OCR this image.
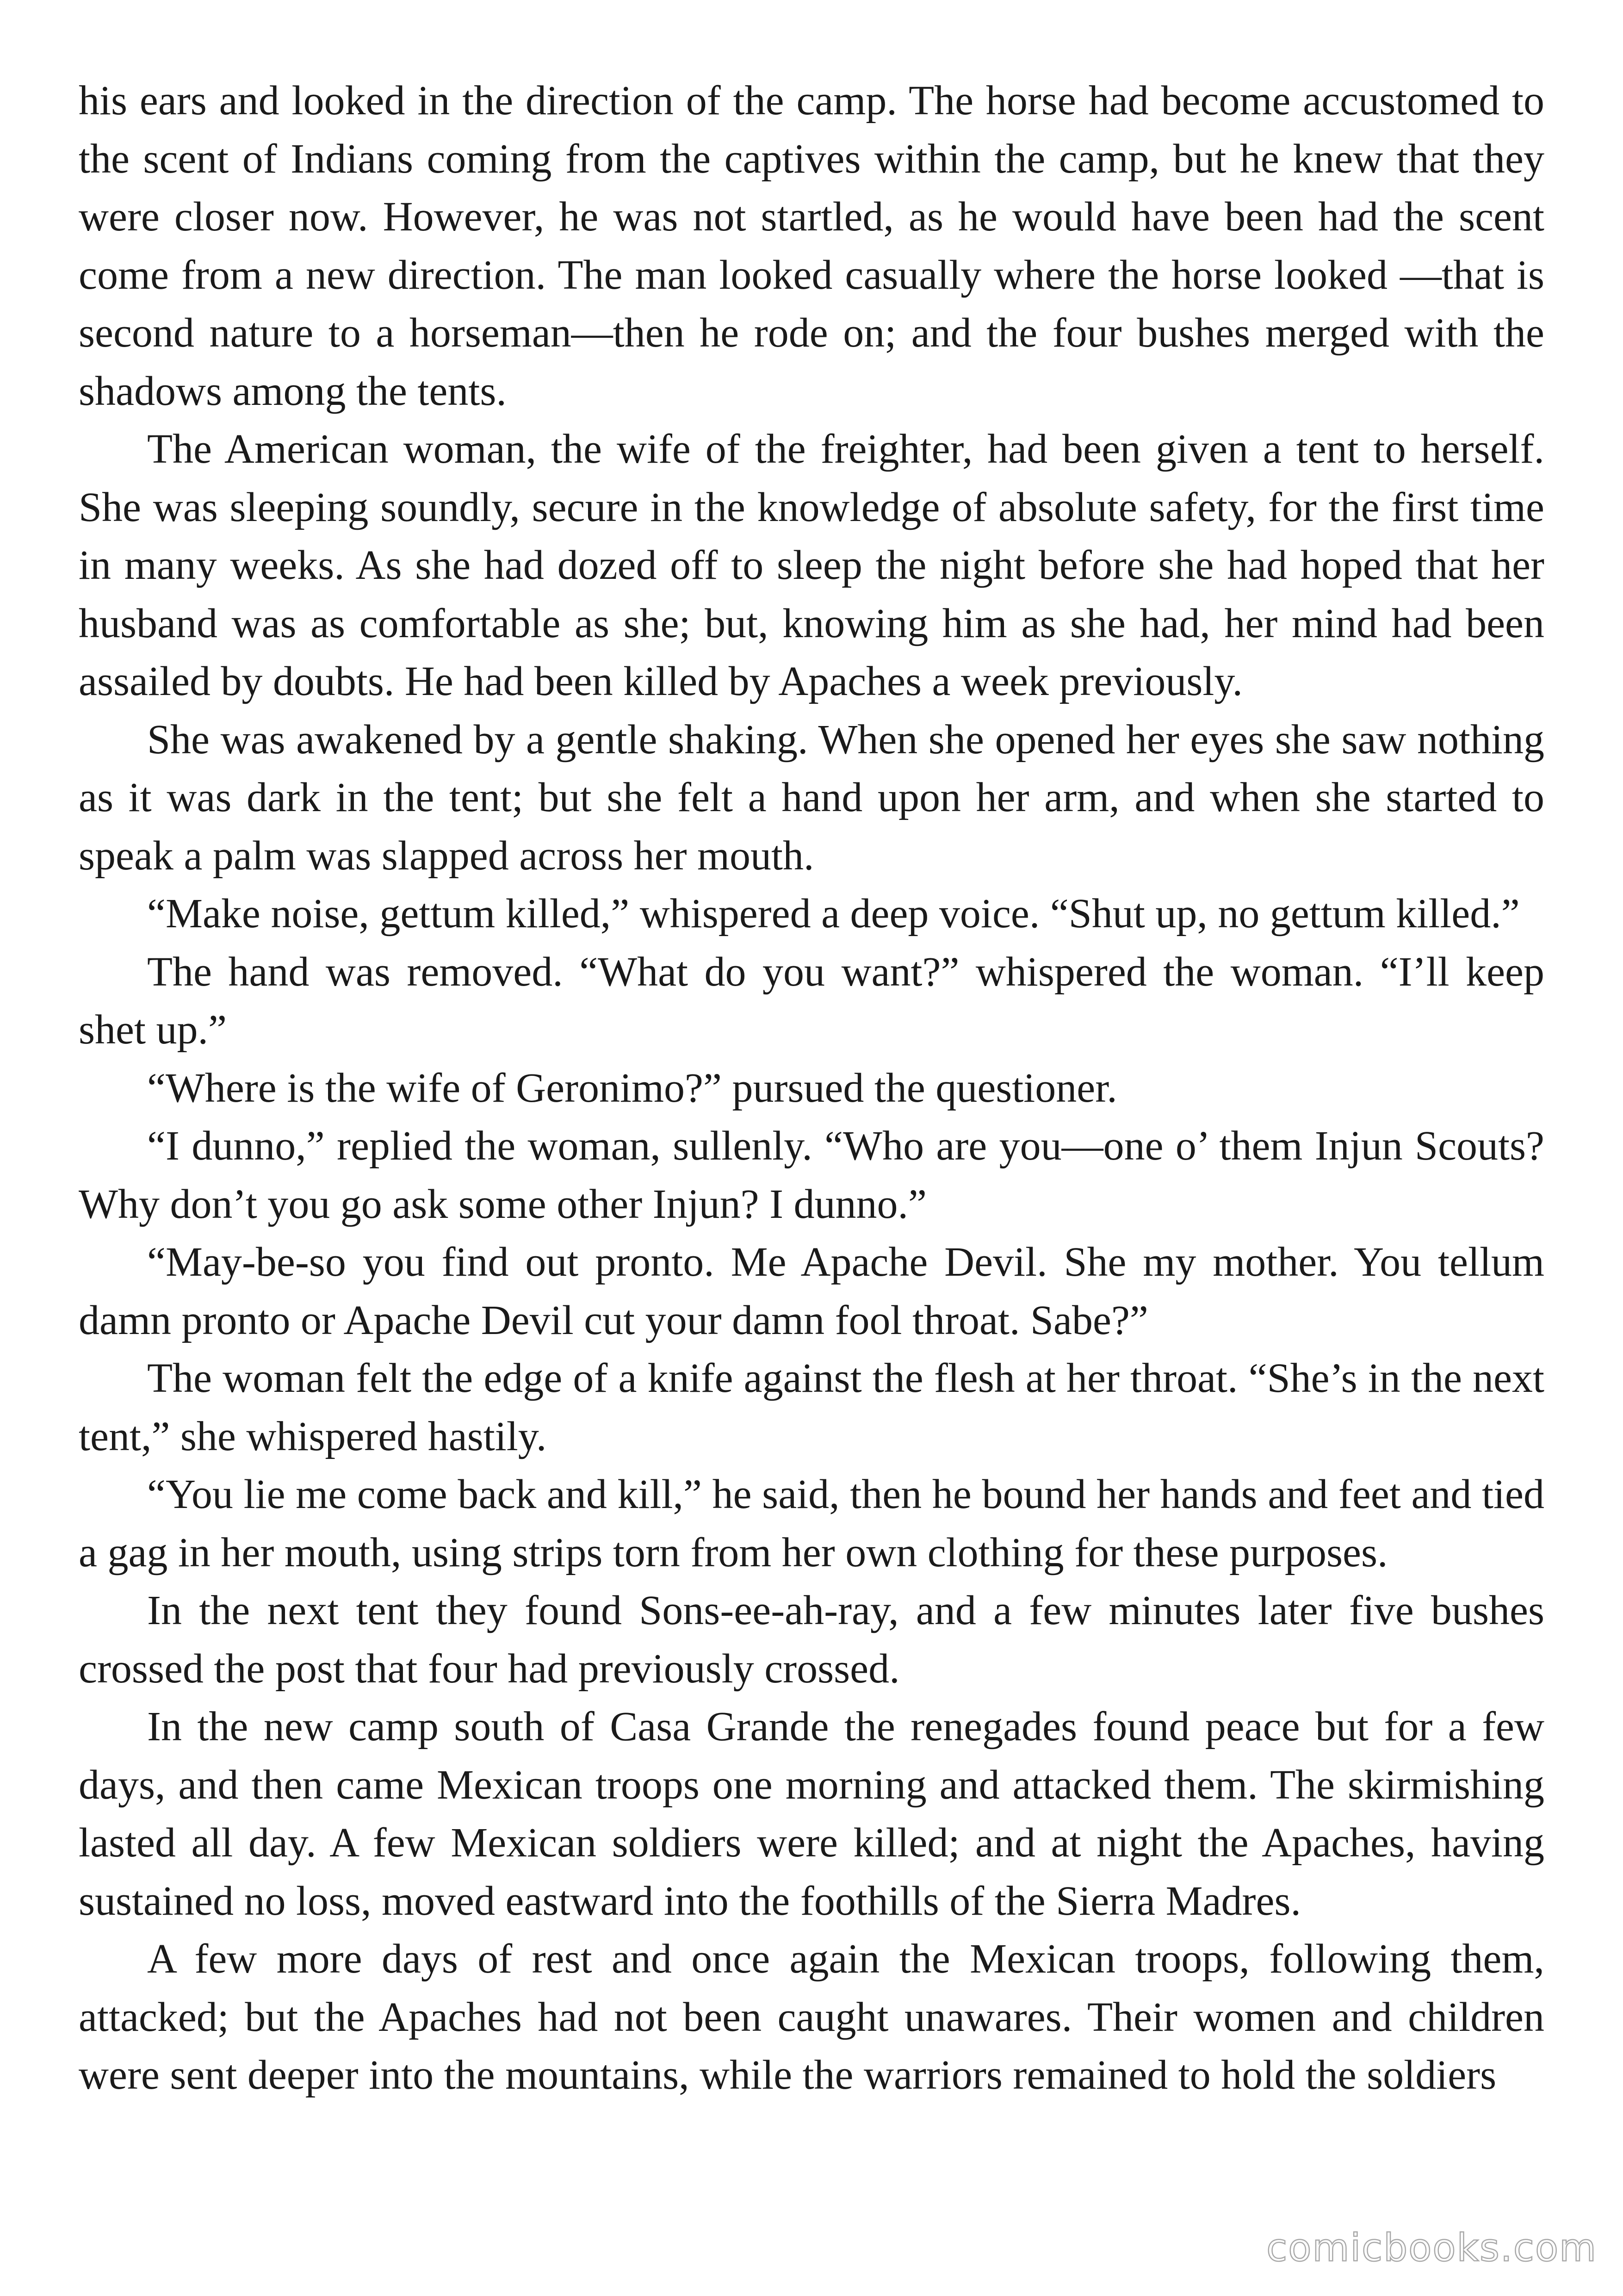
his ears and looked in the direction of the camp. The horse had become accustomed to the scent of Indians coming from the captives within the camp, but he knew that they were closer now. However, he was not startled, as he would have been had the scent come from a new direction. The man looked casually where the horse looked —that is second nature to a horseman—then he rode on; and the four bushes merged with the shadows among the tents.

The American woman, the wife of the freighter, had been given a tent to herself. She was sleeping soundly, secure in the knowledge of absolute safety, for the first time in many weeks. As she had dozed off to sleep the night before she had hoped that her husband was as comfortable as she; but, knowing him as she had, her mind had been assailed by doubts. He had been killed by Apaches a week previously.

She was awakened by a gentle shaking. When she opened her eyes she saw nothing as it was dark in the tent; but she felt a hand upon her arm, and when she started to speak a palm was slapped across her mouth.

“Make noise, gettum killed,” whispered a deep voice. “Shut up, no gettum killed.”

The hand was removed. “What do you want?” whispered the woman. “I’ll keep shet up.”

“Where is the wife of Geronimo?” pursued the questioner.

“I dunno,” replied the woman, sullenly. “Who are you—one o’ them Injun Scouts? Why don’t you go ask some other Injun? I dunno.”

“May-be-so you find out pronto. Me Apache Devil. She my mother. You tellum damn pronto or Apache Devil cut your damn fool throat. Sabe?”

The woman felt the edge of a knife against the flesh at her throat. “She’s in the next tent,” she whispered hastily.

“You lie me come back and kill,” he said, then he bound her hands and feet and tied a gag in her mouth, using strips torn from her own clothing for these purposes.

In the next tent they found Sons-ee-ah-ray, and a few minutes later five bushes crossed the post that four had previously crossed.

In the new camp south of Casa Grande the renegades found peace but for a few days, and then came Mexican troops one morning and attacked them. The skirmishing lasted all day. A few Mexican soldiers were killed; and at night the Apaches, having sustained no loss, moved eastward into the foothills of the Sierra Madres.

A few more days of rest and once again the Mexican troops, following them, attacked; but the Apaches had not been caught unawares. Their women and children were sent deeper into the mountains, while the warriors remained to hold the soldiers

comicbooks.com
